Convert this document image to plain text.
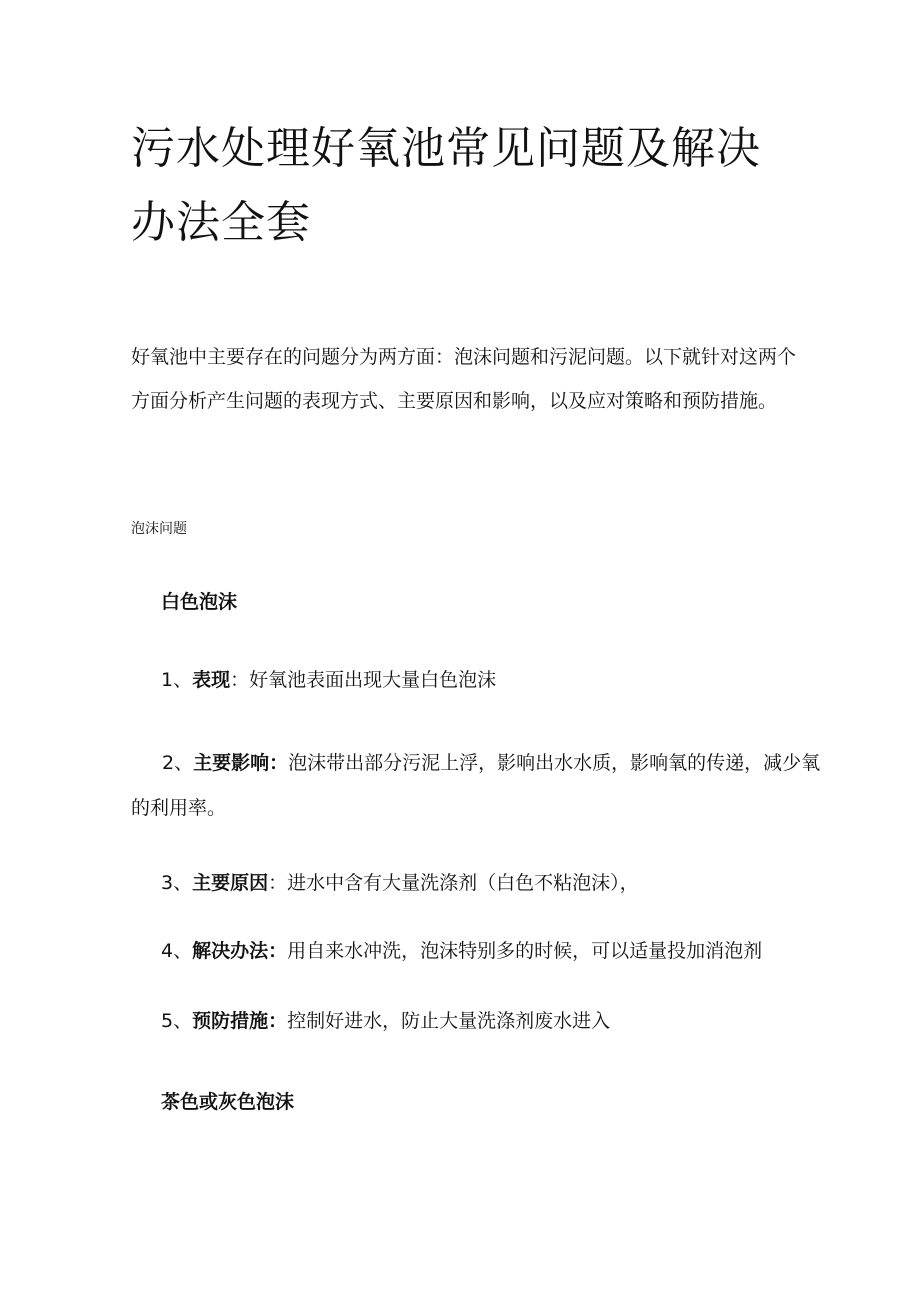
污水处理好氧池常见问题及解决办法全套

好氧池中主要存在的问题分为两方面：泡沫问题和污泥问题。以下就针对这两个方面分析产生问题的表现方式、主要原因和影响，以及应对策略和预防措施。

泡沫问题

白色泡沫

1、表现：好氧池表面出现大量白色泡沫

2、主要影响：泡沫带出部分污泥上浮，影响出水水质，影响氧的传递，减少氧的利用率。

3、主要原因：进水中含有大量洗涤剂（白色不粘泡沫），

4、解决办法：用自来水冲洗，泡沫特别多的时候，可以适量投加消泡剂

5、预防措施：控制好进水，防止大量洗涤剂废水进入

茶色或灰色泡沫
